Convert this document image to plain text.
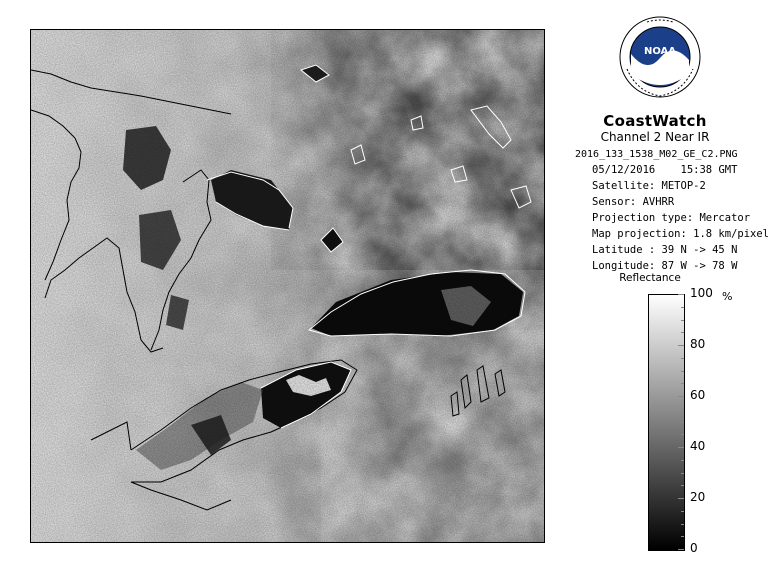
NOAA
CoastWatch
Channel 2 Near IR
2016_133_1538_M02_GE_C2.PNG
05/12/2016 15:38 GMT
Satellite: METOP-2
Sensor: AVHRR
Projection type: Mercator
Map projection: 1.8 km/pixel
Latitude : 39 N -> 45 N
Longitude: 87 W -> 78 W
Reflectance
%
100
80
60
40
20
0
